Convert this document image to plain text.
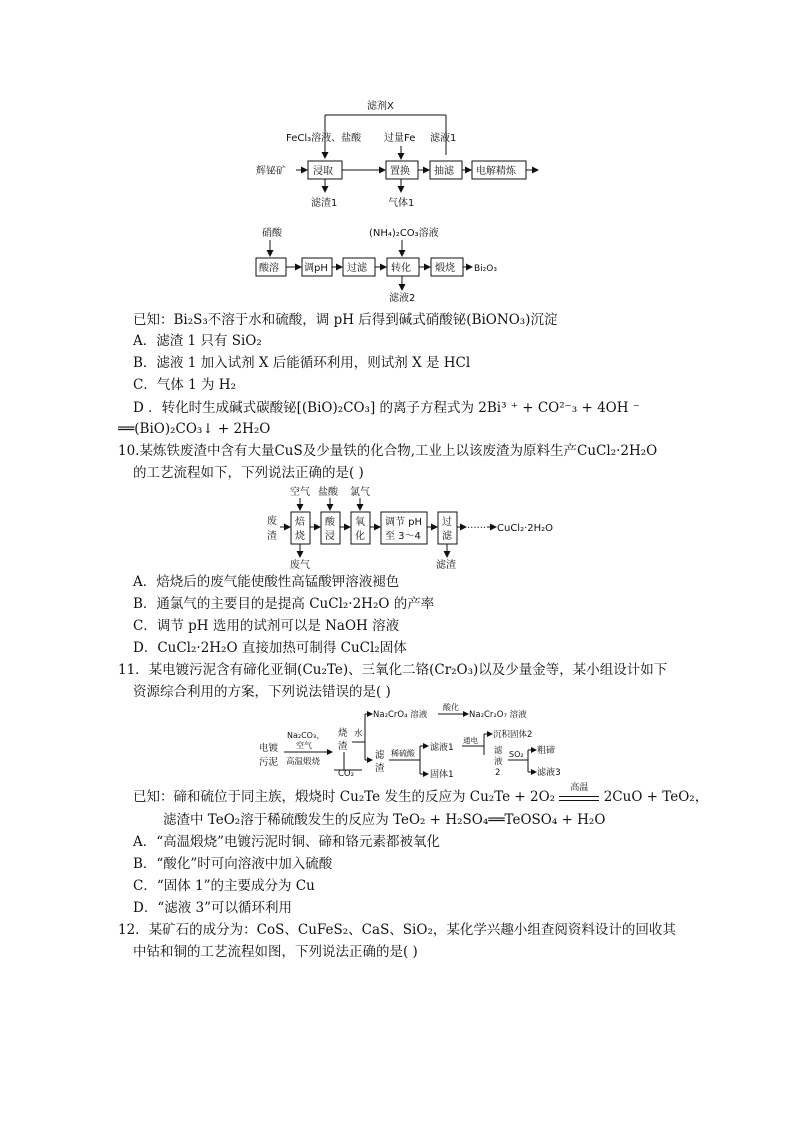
滤剂X
FeCl₃溶液、盐酸 过量Fe 滤液1
辉铋矿	浸取	置换 抽滤 电解精炼
滤渣1	气体1
硝酸	(NH₄)₂CO₃溶液
酸溶	调pH 过滤 转化 煅烧 Bi₂O₃
滤液2
已知：Bi₂S₃不溶于水和硫酸，调 pH 后得到碱式硝酸铋(BiONO₃)沉淀
A．滤渣 1 只有 SiO₂
B．滤液 1 加入试剂 X 后能循环利用，则试剂 X 是 HCl
C．气体 1 为 H₂
D ．转化时生成碱式碳酸铋[(BiO)₂CO₃] 的离子方程式为 2Bi³ ⁺ + CO²⁻₃ + 4OH ⁻
══(BiO)₂CO₃↓ + 2H₂O
10.某炼铁废渣中含有大量CuS及少量铁的化合物,工业上以该废渣为原料生产CuCl₂·2H₂O
的工艺流程如下，下列说法正确的是( )
空气 盐酸 氯气
废 渣
焙烧
酸浸
氧化
调节 pH
至 3～4
过滤
······ CuCl₂·2H₂O
废气	滤渣
A．焙烧后的废气能使酸性高锰酸钾溶液褪色
B．通氯气的主要目的是提高 CuCl₂·2H₂O 的产率
C．调节 pH 选用的试剂可以是 NaOH 溶液
D．CuCl₂·2H₂O 直接加热可制得 CuCl₂固体
11．某电镀污泥含有碲化亚铜(Cu₂Te)、三氧化二铬(Cr₂O₃)以及少量金等，某小组设计如下
资源综合利用的方案，下列说法错误的是( )
电镀污泥
Na₂CO₃、空气
高温煅烧
烧渣
CO₂
水
Na₂CrO₄ 溶液
酸化
Na₂Cr₂O₇ 溶液
滤渣
稀硫酸
滤液1
固体1
通电
沉积固体2
滤液 2
SO₂ 粗碲
滤液3
已知：碲和硫位于同主族，煅烧时 Cu₂Te 发生的反应为 Cu₂Te + 2O₂
高温
2CuO + TeO₂，
滤渣中 TeO₂溶于稀硫酸发生的反应为 TeO₂ + H₂SO₄══TeOSO₄ + H₂O
A．“高温煅烧”电镀污泥时铜、碲和铬元素都被氧化
B．“酸化”时可向溶液中加入硫酸
C．“固体 1”的主要成分为 Cu
D．“滤液 3”可以循环利用
12．某矿石的成分为：CoS、CuFeS₂、CaS、SiO₂，某化学兴趣小组查阅资料设计的回收其
中钴和铜的工艺流程如图，下列说法正确的是( )
